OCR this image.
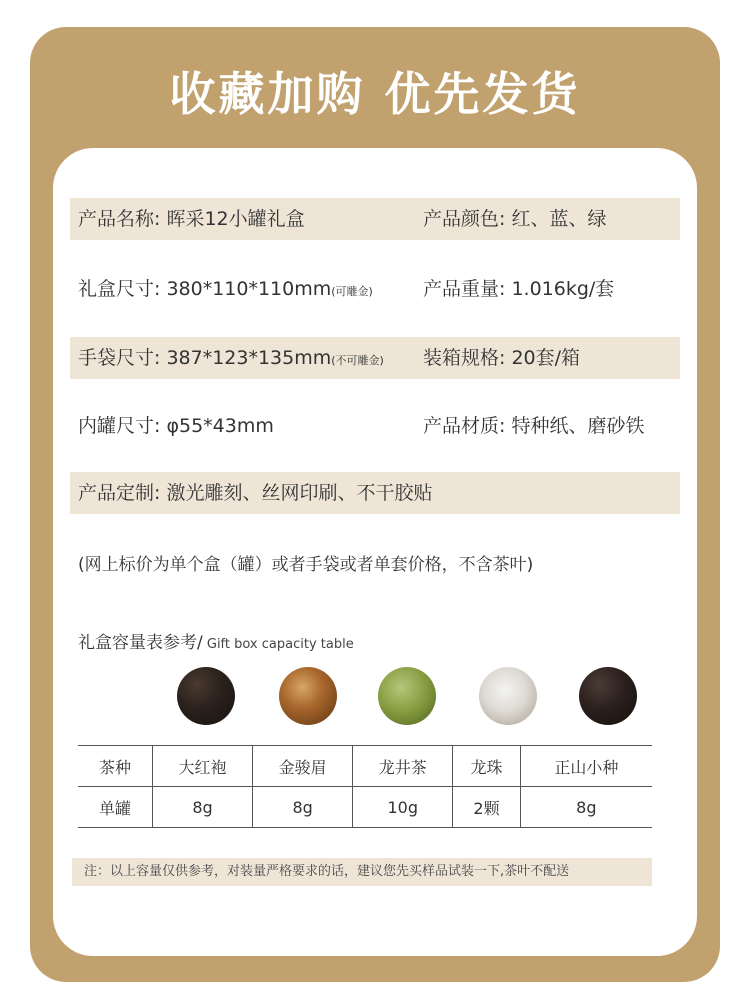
收藏加购 优先发货
产品名称: 晖采12小罐礼盒	产品颜色: 红、蓝、绿
礼盒尺寸: 380*110*110mm(可雕金)	产品重量: 1.016kg/套
手袋尺寸: 387*123*135mm(不可雕金) 装箱规格: 20套/箱
内罐尺寸: φ55*43mm	产品材质: 特种纸、磨砂铁
产品定制: 激光雕刻、丝网印刷、不干胶贴
(网上标价为单个盒（罐）或者手袋或者单套价格，不含茶叶)
礼盒容量表参考/ Gift box capacity table
茶种	大红袍	金骏眉	龙井茶	龙珠	正山小种
单罐	8g	8g	10g	2颗	8g
注：以上容量仅供参考，对装量严格要求的话，建议您先买样品试装一下,茶叶不配送
